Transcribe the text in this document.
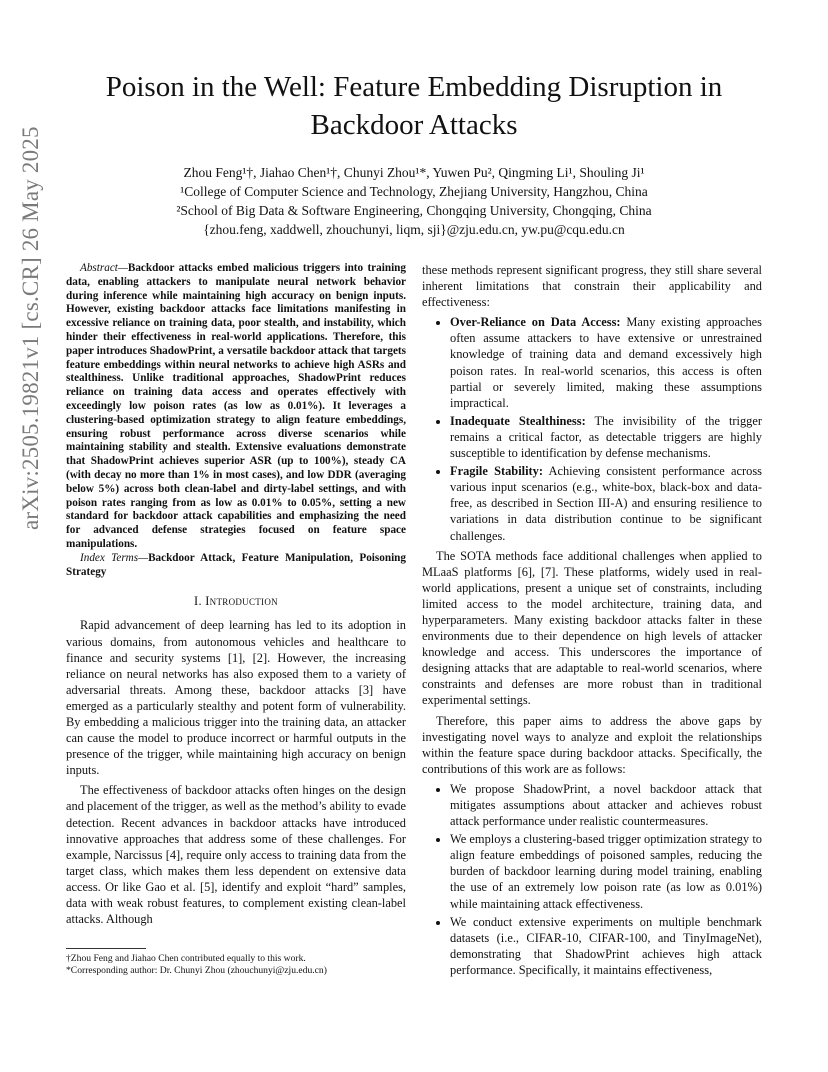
arXiv:2505.19821v1 [cs.CR] 26 May 2025
Poison in the Well: Feature Embedding Disruption in Backdoor Attacks
Zhou Feng¹†, Jiahao Chen¹†, Chunyi Zhou¹*, Yuwen Pu², Qingming Li¹, Shouling Ji¹
¹College of Computer Science and Technology, Zhejiang University, Hangzhou, China
²School of Big Data & Software Engineering, Chongqing University, Chongqing, China
{zhou.feng, xaddwell, zhouchunyi, liqm, sji}@zju.edu.cn, yw.pu@cqu.edu.cn
Abstract—Backdoor attacks embed malicious triggers into training data, enabling attackers to manipulate neural network behavior during inference while maintaining high accuracy on benign inputs. However, existing backdoor attacks face limitations manifesting in excessive reliance on training data, poor stealth, and instability, which hinder their effectiveness in real-world applications. Therefore, this paper introduces ShadowPrint, a versatile backdoor attack that targets feature embeddings within neural networks to achieve high ASRs and stealthiness. Unlike traditional approaches, ShadowPrint reduces reliance on training data access and operates effectively with exceedingly low poison rates (as low as 0.01%). It leverages a clustering-based optimization strategy to align feature embeddings, ensuring robust performance across diverse scenarios while maintaining stability and stealth. Extensive evaluations demonstrate that ShadowPrint achieves superior ASR (up to 100%), steady CA (with decay no more than 1% in most cases), and low DDR (averaging below 5%) across both clean-label and dirty-label settings, and with poison rates ranging from as low as 0.01% to 0.05%, setting a new standard for backdoor attack capabilities and emphasizing the need for advanced defense strategies focused on feature space manipulations.
Index Terms—Backdoor Attack, Feature Manipulation, Poisoning Strategy
I. Introduction

Rapid advancement of deep learning has led to its adoption in various domains, from autonomous vehicles and healthcare to finance and security systems [1], [2]. However, the increasing reliance on neural networks has also exposed them to a variety of adversarial threats. Among these, backdoor attacks [3] have emerged as a particularly stealthy and potent form of vulnerability. By embedding a malicious trigger into the training data, an attacker can cause the model to produce incorrect or harmful outputs in the presence of the trigger, while maintaining high accuracy on benign inputs.

The effectiveness of backdoor attacks often hinges on the design and placement of the trigger, as well as the method’s ability to evade detection. Recent advances in backdoor attacks have introduced innovative approaches that address some of these challenges. For example, Narcissus [4], require only access to training data from the target class, which makes them less dependent on extensive data access. Or like Gao et al. [5], identify and exploit “hard” samples, data with weak robust features, to complement existing clean-label attacks. Although

†Zhou Feng and Jiahao Chen contributed equally to this work.
*Corresponding author: Dr. Chunyi Zhou (zhouchunyi@zju.edu.cn)

these methods represent significant progress, they still share several inherent limitations that constrain their applicability and effectiveness:

• Over-Reliance on Data Access: Many existing approaches often assume attackers to have extensive or unrestrained knowledge of training data and demand excessively high poison rates. In real-world scenarios, this access is often partial or severely limited, making these assumptions impractical.
• Inadequate Stealthiness: The invisibility of the trigger remains a critical factor, as detectable triggers are highly susceptible to identification by defense mechanisms.
• Fragile Stability: Achieving consistent performance across various input scenarios (e.g., white-box, black-box and data-free, as described in Section III-A) and ensuring resilience to variations in data distribution continue to be significant challenges.

The SOTA methods face additional challenges when applied to MLaaS platforms [6], [7]. These platforms, widely used in real-world applications, present a unique set of constraints, including limited access to the model architecture, training data, and hyperparameters. Many existing backdoor attacks falter in these environments due to their dependence on high levels of attacker knowledge and access. This underscores the importance of designing attacks that are adaptable to real-world scenarios, where constraints and defenses are more robust than in traditional experimental settings.

Therefore, this paper aims to address the above gaps by investigating novel ways to analyze and exploit the relationships within the feature space during backdoor attacks. Specifically, the contributions of this work are as follows:

• We propose ShadowPrint, a novel backdoor attack that mitigates assumptions about attacker and achieves robust attack performance under realistic countermeasures.
• We employs a clustering-based trigger optimization strategy to align feature embeddings of poisoned samples, reducing the burden of backdoor learning during model training, enabling the use of an extremely low poison rate (as low as 0.01%) while maintaining attack effectiveness.
• We conduct extensive experiments on multiple benchmark datasets (i.e., CIFAR-10, CIFAR-100, and TinyImageNet), demonstrating that ShadowPrint achieves high attack performance. Specifically, it maintains effectiveness,
